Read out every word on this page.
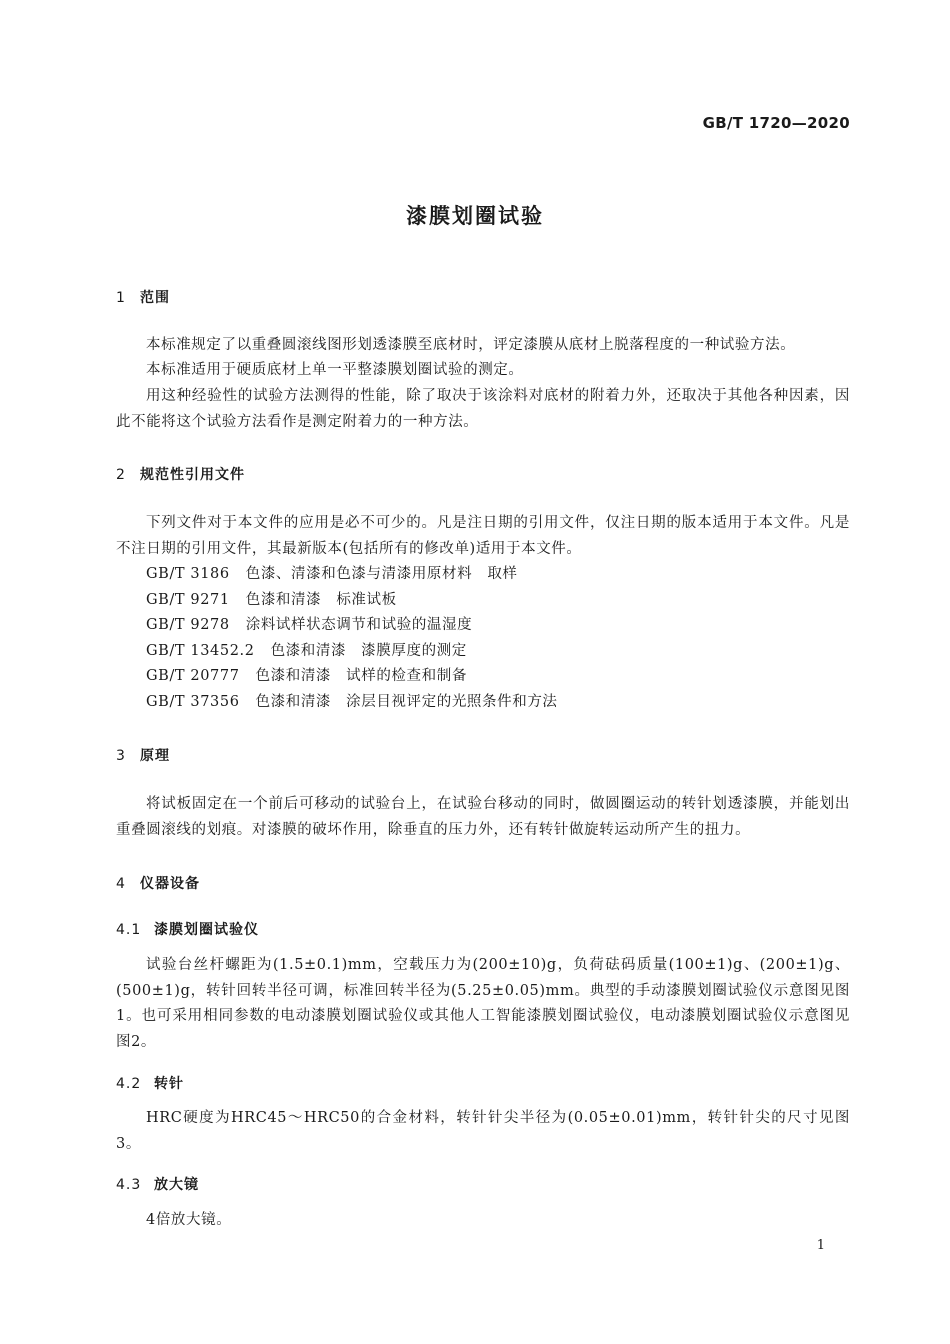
GB/T 1720—2020
漆膜划圈试验
1 范围
本标准规定了以重叠圆滚线图形划透漆膜至底材时，评定漆膜从底材上脱落程度的一种试验方法。
本标准适用于硬质底材上单一平整漆膜划圈试验的测定。
用这种经验性的试验方法测得的性能，除了取决于该涂料对底材的附着力外，还取决于其他各种因素，因此不能将这个试验方法看作是测定附着力的一种方法。
2 规范性引用文件
下列文件对于本文件的应用是必不可少的。凡是注日期的引用文件，仅注日期的版本适用于本文件。凡是不注日期的引用文件，其最新版本(包括所有的修改单)适用于本文件。
GB/T 3186 色漆、清漆和色漆与清漆用原材料　取样
GB/T 9271 色漆和清漆　标准试板
GB/T 9278 涂料试样状态调节和试验的温湿度
GB/T 13452.2 色漆和清漆　漆膜厚度的测定
GB/T 20777 色漆和清漆　试样的检查和制备
GB/T 37356 色漆和清漆　涂层目视评定的光照条件和方法
3 原理
将试板固定在一个前后可移动的试验台上，在试验台移动的同时，做圆圈运动的转针划透漆膜，并能划出重叠圆滚线的划痕。对漆膜的破坏作用，除垂直的压力外，还有转针做旋转运动所产生的扭力。
4 仪器设备
4.1 漆膜划圈试验仪
试验台丝杆螺距为(1.5±0.1)mm，空载压力为(200±10)g，负荷砝码质量(100±1)g、(200±1)g、(500±1)g，转针回转半径可调，标准回转半径为(5.25±0.05)mm。典型的手动漆膜划圈试验仪示意图见图1。也可采用相同参数的电动漆膜划圈试验仪或其他人工智能漆膜划圈试验仪，电动漆膜划圈试验仪示意图见图2。
4.2 转针
HRC硬度为HRC45～HRC50的合金材料，转针针尖半径为(0.05±0.01)mm，转针针尖的尺寸见图3。
4.3 放大镜
4倍放大镜。
1
